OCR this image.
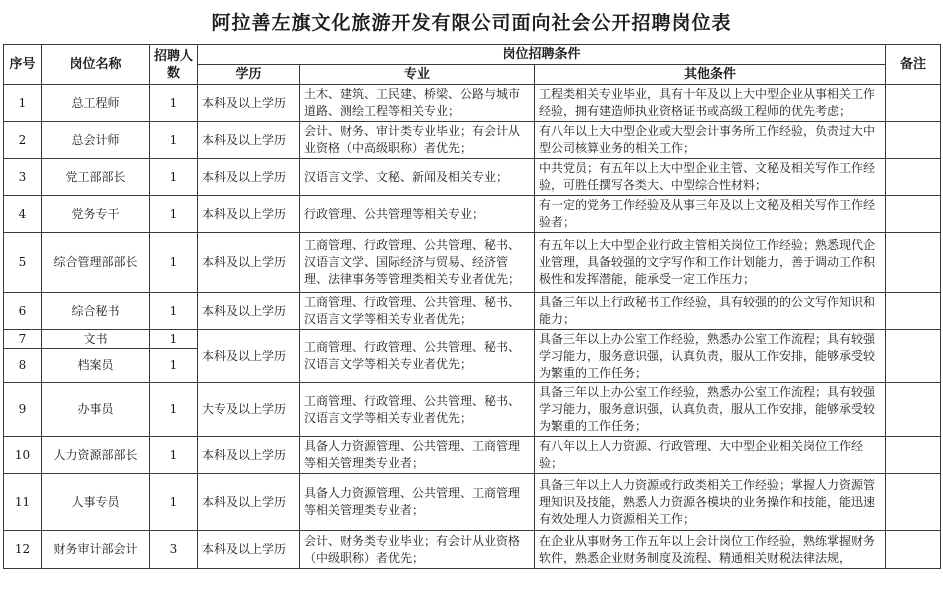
阿拉善左旗文化旅游开发有限公司面向社会公开招聘岗位表
序号	岗位名称	招聘人数	岗位招聘条件			备注
			学历	专业	其他条件	
1	总工程师	1	本科及以上学历	土木、建筑、工民建、桥梁、公路与城市道路、测绘工程等相关专业；	工程类相关专业毕业，具有十年及以上大中型企业从事相关工作经验，拥有建造师执业资格证书或高级工程师的优先考虑；	
2	总会计师	1	本科及以上学历	会计、财务、审计类专业毕业；有会计从业资格（中高级职称）者优先；	有八年以上大中型企业或大型会计事务所工作经验，负责过大中型公司核算业务的相关工作；	
3	党工部部长	1	本科及以上学历	汉语言文学、文秘、新闻及相关专业；	中共党员；有五年以上大中型企业主管、文秘及相关写作工作经验，可胜任撰写各类大、中型综合性材料；	
4	党务专干	1	本科及以上学历	行政管理、公共管理等相关专业；	有一定的党务工作经验及从事三年及以上文秘及相关写作工作经验者；	
5	综合管理部部长	1	本科及以上学历	工商管理、行政管理、公共管理、秘书、汉语言文学、国际经济与贸易、经济管理、法律事务等管理类相关专业者优先；	有五年以上大中型企业行政主管相关岗位工作经验；熟悉现代企业管理，具备较强的文字写作和工作计划能力，善于调动工作积极性和发挥潜能，能承受一定工作压力；	
6	综合秘书	1	本科及以上学历	工商管理、行政管理、公共管理、秘书、汉语言文学等相关专业者优先；	具备三年以上行政秘书工作经验，具有较强的的公文写作知识和能力；	
7	文书	1	本科及以上学历	工商管理、行政管理、公共管理、秘书、汉语言文学等相关专业者优先；	具备三年以上办公室工作经验，熟悉办公室工作流程；具有较强学习能力，服务意识强，认真负责，服从工作安排，能够承受较为繁重的工作任务；	
8	档案员	1				
9	办事员	1	大专及以上学历	工商管理、行政管理、公共管理、秘书、汉语言文学等相关专业者优先；	具备三年以上办公室工作经验，熟悉办公室工作流程；具有较强学习能力，服务意识强，认真负责，服从工作安排，能够承受较为繁重的工作任务；	
10	人力资源部部长	1	本科及以上学历	具备人力资源管理、公共管理、工商管理等相关管理类专业者；	有八年以上人力资源、行政管理、大中型企业相关岗位工作经验；	
11	人事专员	1	本科及以上学历	具备人力资源管理、公共管理、工商管理等相关管理类专业者；	具备三年以上人力资源或行政类相关工作经验；掌握人力资源管理知识及技能，熟悉人力资源各模块的业务操作和技能，能迅速有效处理人力资源相关工作；	
12	财务审计部会计	3	本科及以上学历	会计、财务类专业毕业；有会计从业资格（中级职称）者优先；	在企业从事财务工作五年以上会计岗位工作经验，熟练掌握财务软件，熟悉企业财务制度及流程、精通相关财税法律法规，	
